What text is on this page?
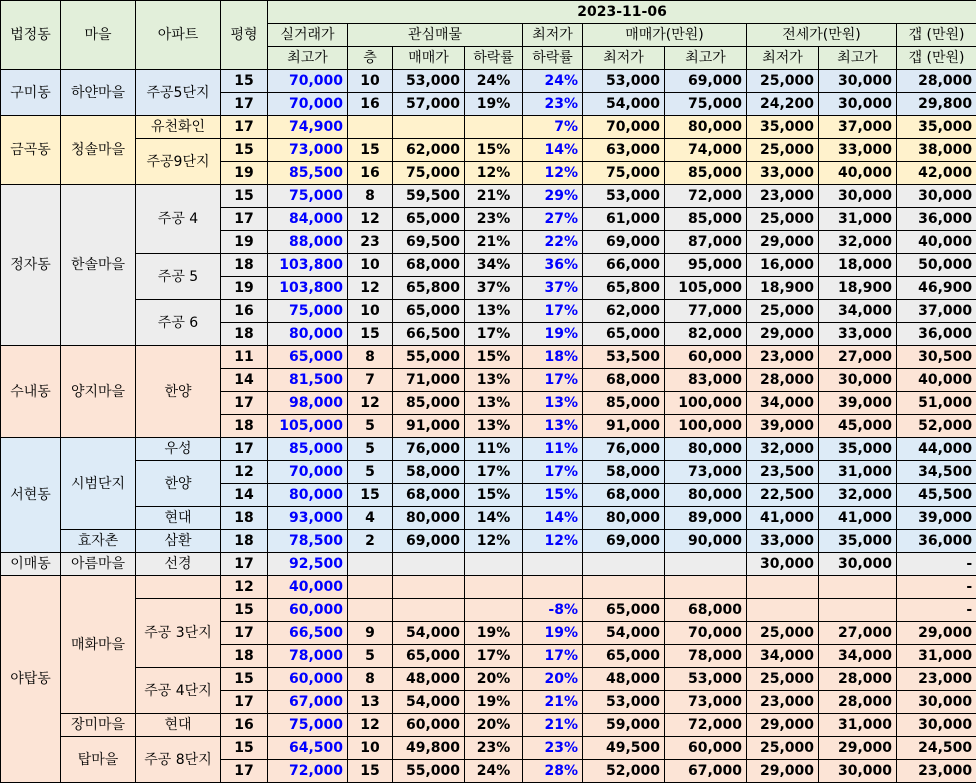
법정동	마을	아파트	평형	2023-11-06									
				실거래가	관심매물			최저가	매매가(만원)		전세가(만원)		갭 (만원)
				최고가	층	매매가	하락률	하락률	최저가	최고가	최저가	최고가	갭 (만원)
구미동	하얀마을	주공5단지	15	70,000	10	53,000	24%	24%	53,000	69,000	25,000	30,000	28,000
			17	70,000	16	57,000	19%	23%	54,000	75,000	24,200	30,000	29,800
금곡동	청솔마을	유천화인	17	74,900				7%	70,000	80,000	35,000	37,000	35,000
		주공9단지	15	73,000	15	62,000	15%	14%	63,000	74,000	25,000	33,000	38,000
			19	85,500	16	75,000	12%	12%	75,000	85,000	33,000	40,000	42,000
정자동	한솔마을	주공 4	15	75,000	8	59,500	21%	29%	53,000	72,000	23,000	30,000	30,000
			17	84,000	12	65,000	23%	27%	61,000	85,000	25,000	31,000	36,000
			19	88,000	23	69,500	21%	22%	69,000	87,000	29,000	32,000	40,000
		주공 5	18	103,800	10	68,000	34%	36%	66,000	95,000	16,000	18,000	50,000
			19	103,800	12	65,800	37%	37%	65,800	105,000	18,900	18,900	46,900
		주공 6	16	75,000	10	65,000	13%	17%	62,000	77,000	25,000	34,000	37,000
			18	80,000	15	66,500	17%	19%	65,000	82,000	29,000	33,000	36,000
수내동	양지마을	한양	11	65,000	8	55,000	15%	18%	53,500	60,000	23,000	27,000	30,500
			14	81,500	7	71,000	13%	17%	68,000	83,000	28,000	30,000	40,000
			17	98,000	12	85,000	13%	13%	85,000	100,000	34,000	39,000	51,000
			18	105,000	5	91,000	13%	13%	91,000	100,000	39,000	45,000	52,000
서현동	시범단지	우성	17	85,000	5	76,000	11%	11%	76,000	80,000	32,000	35,000	44,000
		한양	12	70,000	5	58,000	17%	17%	58,000	73,000	23,500	31,000	34,500
			14	80,000	15	68,000	15%	15%	68,000	80,000	22,500	32,000	45,500
		현대	18	93,000	4	80,000	14%	14%	80,000	89,000	41,000	41,000	39,000
	효자촌	삼환	18	78,500	2	69,000	12%	12%	69,000	90,000	33,000	35,000	36,000
이매동	아름마을	선경	17	92,500							30,000	30,000	-
야탑동	매화마을		12	40,000									-
		주공 3단지	15	60,000				-8%	65,000	68,000			-
			17	66,500	9	54,000	19%	19%	54,000	70,000	25,000	27,000	29,000
			18	78,000	5	65,000	17%	17%	65,000	78,000	34,000	34,000	31,000
		주공 4단지	15	60,000	8	48,000	20%	20%	48,000	53,000	25,000	28,000	23,000
			17	67,000	13	54,000	19%	21%	53,000	73,000	23,000	28,000	30,000
	장미마을	현대	16	75,000	12	60,000	20%	21%	59,000	72,000	29,000	31,000	30,000
	탑마을	주공 8단지	15	64,500	10	49,800	23%	23%	49,500	60,000	25,000	29,000	24,500
			17	72,000	15	55,000	24%	28%	52,000	67,000	29,000	30,000	23,000
